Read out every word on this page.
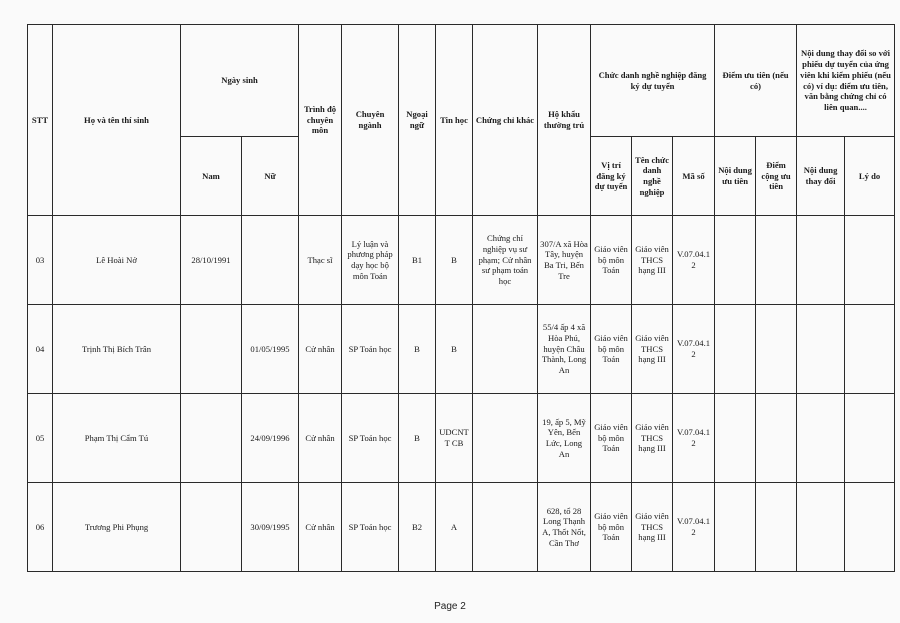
STT	Họ và tên thí sinh	Ngày sinh		Trình độ chuyên môn	Chuyên ngành	Ngoại ngữ	Tin học	Chứng chỉ khác	Hộ khẩu thường trú	Chức danh nghề nghiệp đăng ký dự tuyển			Điểm ưu tiên (nếu có)		Nội dung thay đổi so với phiếu dự tuyển của ứng viên khi kiểm phiếu (nếu có) ví dụ: điểm ưu tiên, văn bằng chứng chỉ có liên quan....	
		Nam	Nữ							Vị trí đăng ký dự tuyển	Tên chức danh nghề nghiệp	Mã số	Nội dung ưu tiên	Điểm cộng ưu tiên	Nội dung thay đổi	Lý do
03	Lê Hoài Nở	28/10/1991		Thạc sĩ	Lý luận và phương pháp dạy học bộ môn Toán	B1	B	Chứng chỉ nghiệp vụ sư phạm; Cử nhân sư phạm toán học	307/A xã Hòa Tây, huyện Ba Tri, Bến Tre	Giáo viên bộ môn Toán	Giáo viên THCS hạng III	V.07.04.12				
04	Trịnh Thị Bích Trân		01/05/1995	Cử nhân	SP Toán học	B	B		55/4 ấp 4 xã Hòa Phú, huyện Châu Thành, Long An	Giáo viên bộ môn Toán	Giáo viên THCS hạng III	V.07.04.12				
05	Phạm Thị Cẩm Tú		24/09/1996	Cử nhân	SP Toán học	B	UDCNTT CB		19, ấp 5, Mỹ Yên, Bến Lức, Long An	Giáo viên bộ môn Toán	Giáo viên THCS hạng III	V.07.04.12				
06	Trương Phi Phụng		30/09/1995	Cử nhân	SP Toán học	B2	A		628, tổ 28 Long Thạnh A, Thốt Nốt, Cần Thơ	Giáo viên bộ môn Toán	Giáo viên THCS hạng III	V.07.04.12				
Page 2
